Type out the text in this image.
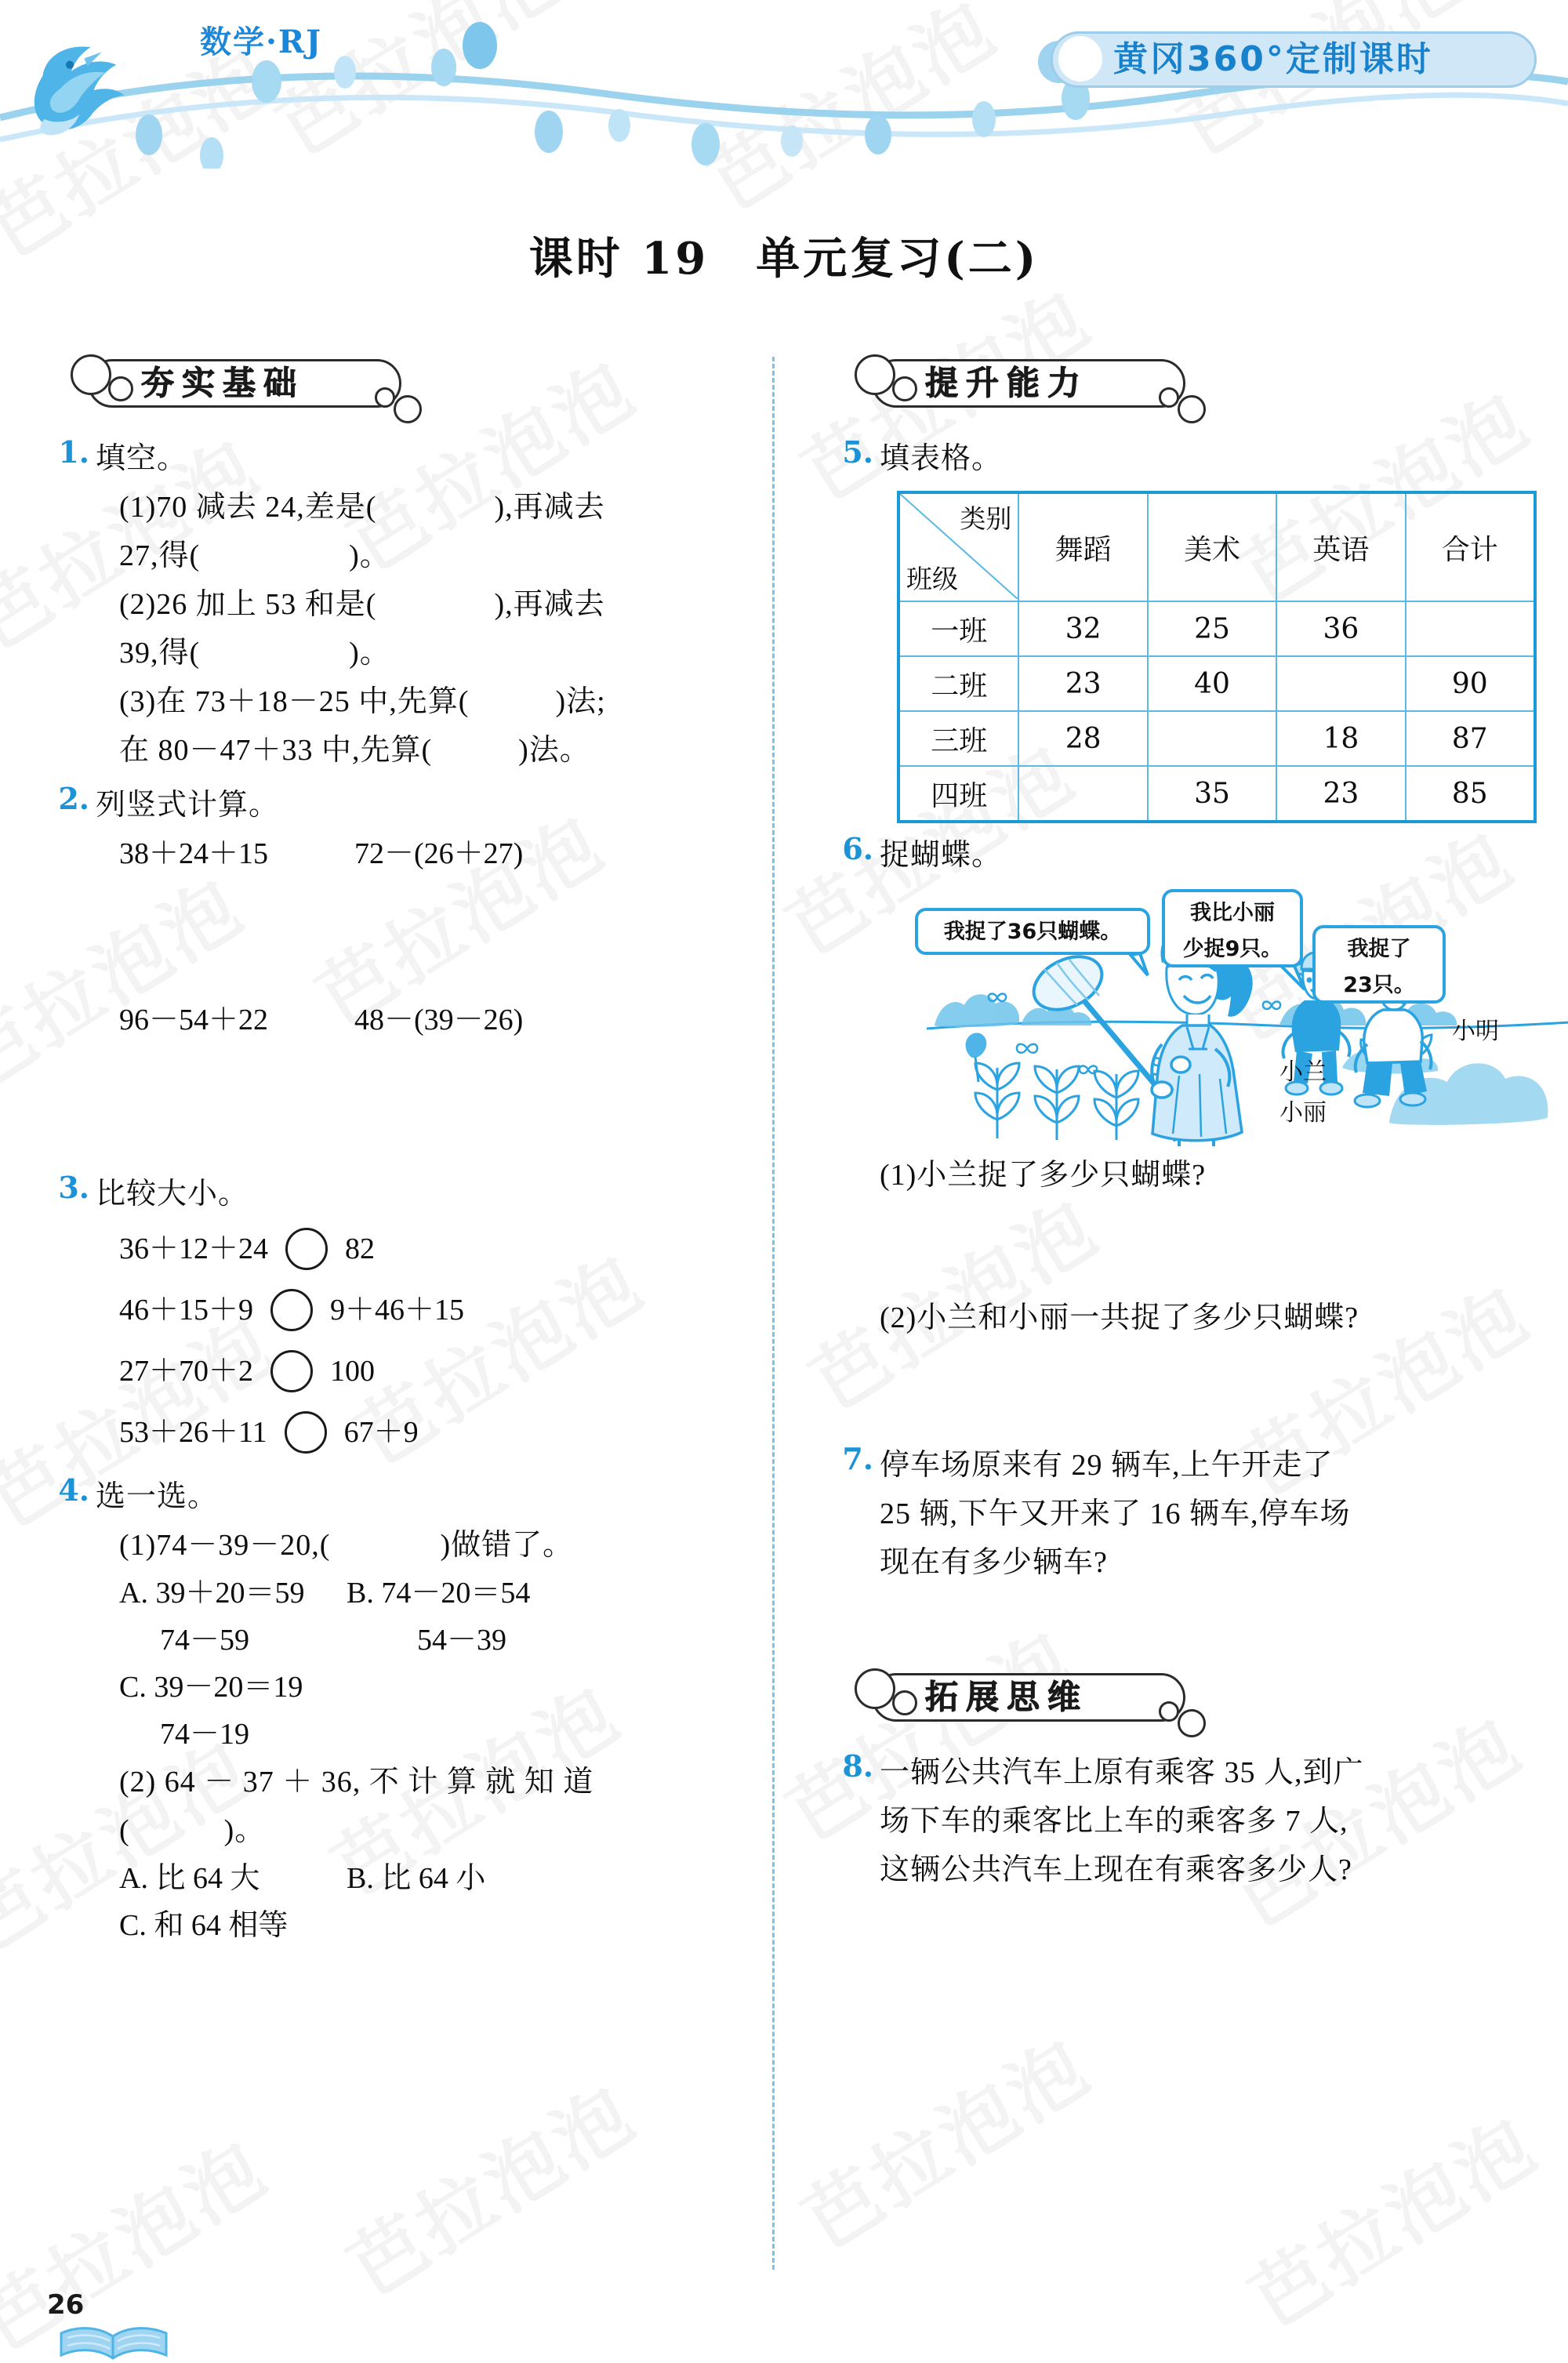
数学·RJ	黄冈360°定制课时
课时 19　单元复习(二)
夯实基础
1. 填空。
(1)70 减去 24,差是(	),再减去
27,得(	)。
(2)26 加上 53 和是(	),再减去
39,得(	)。
(3)在 73＋18－25 中,先算(	)法;
在 80－47＋33 中,先算(	)法。
2. 列竖式计算。
38＋24＋15	72－(26＋27)
96－54＋22	48－(39－26)
3. 比较大小。
36＋12＋24	82
46＋15＋9	9＋46＋15
27＋70＋2	100
53＋26＋11	67＋9
4. 选一选。
(1)74－39－20,(	)做错了。
A. 39＋20＝59	B. 74－20＝54
74－59	54－39
C. 39－20＝19
74－19
(2) 64 － 37 ＋ 36, 不 计 算 就 知 道
(	)。
A. 比 64 大	B. 比 64 小
C. 和 64 相等
提升能力
5. 填表格。
类别
班级	舞蹈	美术	英语	合计
一班	32	25	36	
二班	23	40		90
三班	28		18	87
四班		35	23	85
6. 捉蝴蝶。
我捉了36只蝴蝶。
我比小丽
少捉9只。	我捉了
23只。
小兰
小丽
小明
(1)小兰捉了多少只蝴蝶?
(2)小兰和小丽一共捉了多少只蝴蝶?
7. 停车场原来有 29 辆车,上午开走了
25 辆,下午又开来了 16 辆车,停车场
现在有多少辆车?
拓展思维
8. 一辆公共汽车上原有乘客 35 人,到广
场下车的乘客比上车的乘客多 7 人,
这辆公共汽车上现在有乘客多少人?
26
